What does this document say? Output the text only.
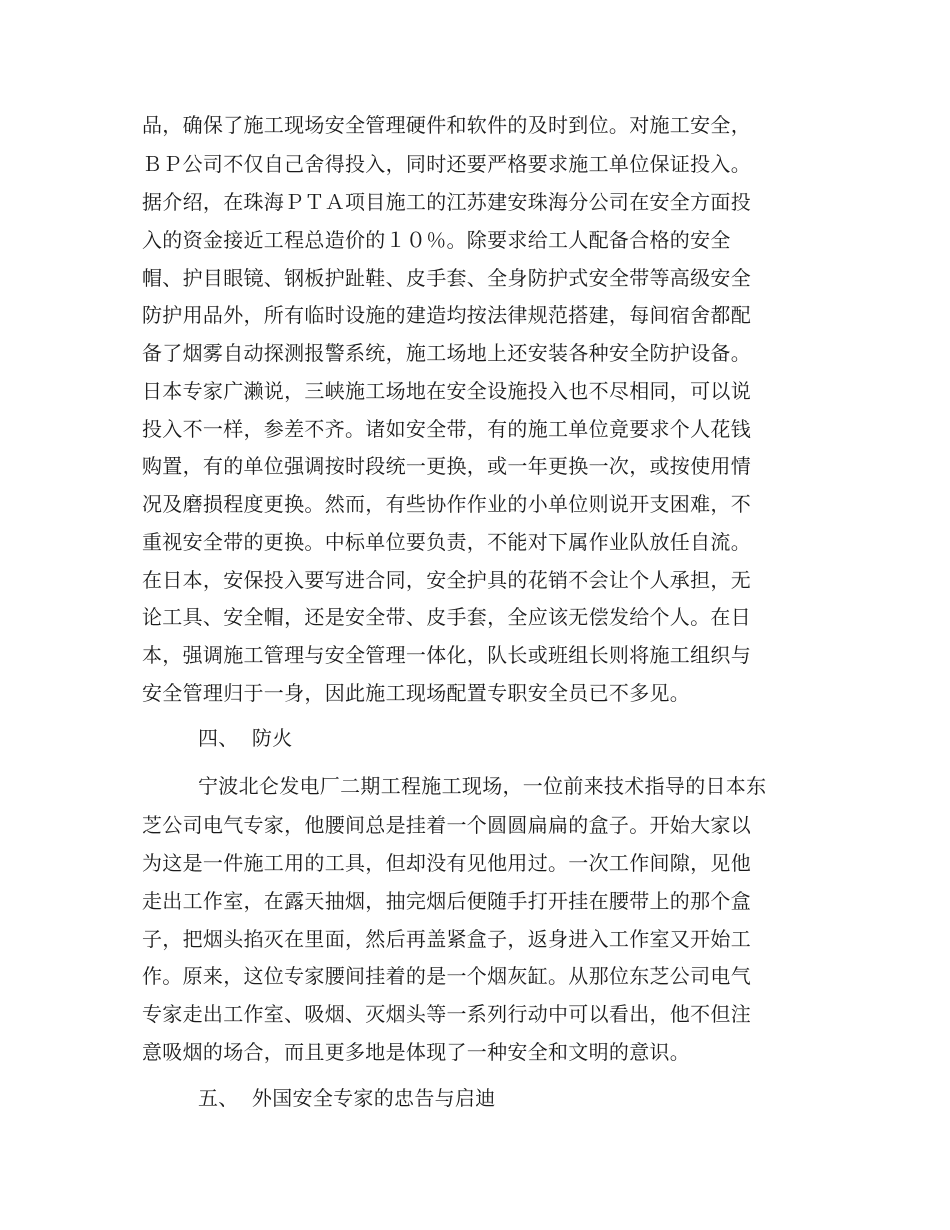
品，确保了施工现场安全管理硬件和软件的及时到位。对施工安全，
ＢＰ公司不仅自己舍得投入，同时还要严格要求施工单位保证投入。
据介绍，在珠海ＰＴＡ项目施工的江苏建安珠海分公司在安全方面投
入的资金接近工程总造价的１０％。除要求给工人配备合格的安全
帽、护目眼镜、钢板护趾鞋、皮手套、全身防护式安全带等高级安全
防护用品外，所有临时设施的建造均按法律规范搭建，每间宿舍都配
备了烟雾自动探测报警系统，施工场地上还安装各种安全防护设备。
日本专家广濑说，三峡施工场地在安全设施投入也不尽相同，可以说
投入不一样，参差不齐。诸如安全带，有的施工单位竟要求个人花钱
购置，有的单位强调按时段统一更换，或一年更换一次，或按使用情
况及磨损程度更换。然而，有些协作作业的小单位则说开支困难，不
重视安全带的更换。中标单位要负责，不能对下属作业队放任自流。
在日本，安保投入要写进合同，安全护具的花销不会让个人承担，无
论工具、安全帽，还是安全带、皮手套，全应该无偿发给个人。在日
本，强调施工管理与安全管理一体化，队长或班组长则将施工组织与
安全管理归于一身，因此施工现场配置专职安全员已不多见。
四、  防火
宁波北仑发电厂二期工程施工现场，一位前来技术指导的日本东
芝公司电气专家，他腰间总是挂着一个圆圆扁扁的盒子。开始大家以
为这是一件施工用的工具，但却没有见他用过。一次工作间隙，见他
走出工作室，在露天抽烟，抽完烟后便随手打开挂在腰带上的那个盒
子，把烟头掐灭在里面，然后再盖紧盒子，返身进入工作室又开始工
作。原来，这位专家腰间挂着的是一个烟灰缸。从那位东芝公司电气
专家走出工作室、吸烟、灭烟头等一系列行动中可以看出，他不但注
意吸烟的场合，而且更多地是体现了一种安全和文明的意识。
五、  外国安全专家的忠告与启迪
